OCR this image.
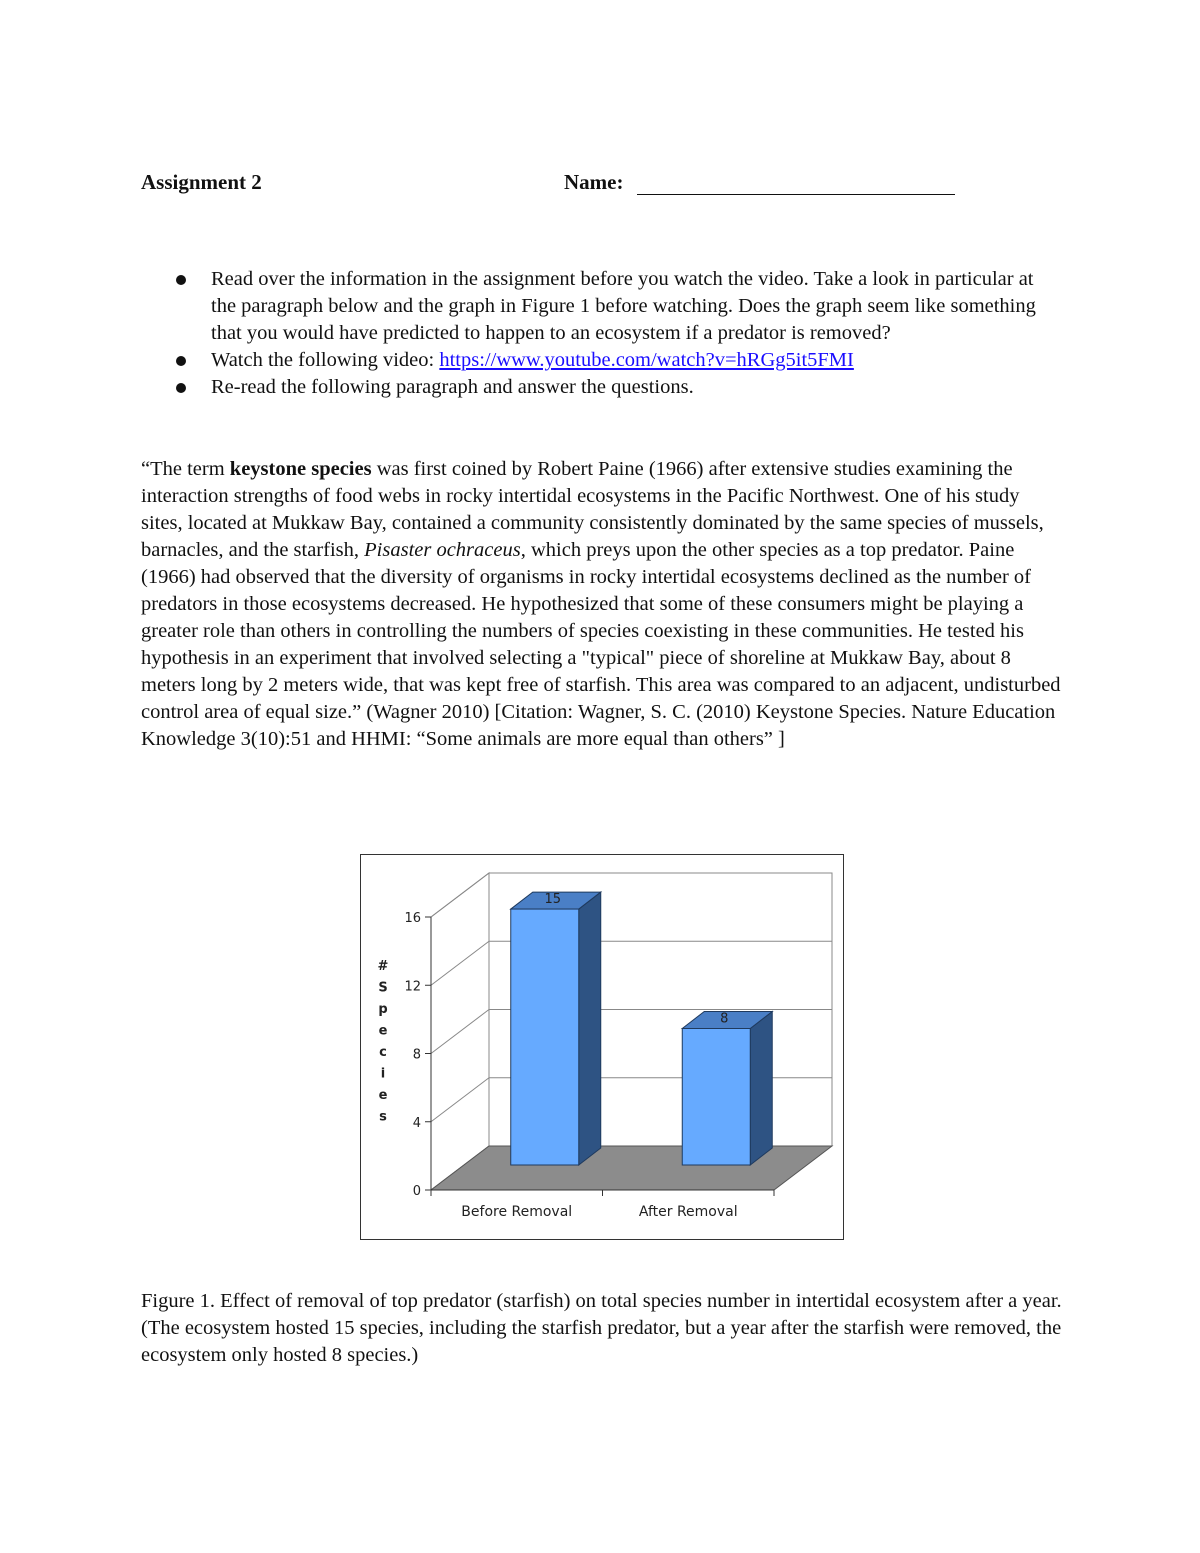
Assignment 2	Name:
Read over the information in the assignment before you watch the video. Take a look in particular at the paragraph below and the graph in Figure 1 before watching. Does the graph seem like something that you would have predicted to happen to an ecosystem if a predator is removed?
Watch the following video: https://www.youtube.com/watch?v=hRGg5it5FMI
Re-read the following paragraph and answer the questions.
“The term keystone species was first coined by Robert Paine (1966) after extensive studies examining the interaction strengths of food webs in rocky intertidal ecosystems in the Pacific Northwest. One of his study sites, located at Mukkaw Bay, contained a community consistently dominated by the same species of mussels, barnacles, and the starfish, Pisaster ochraceus, which preys upon the other species as a top predator. Paine (1966) had observed that the diversity of organisms in rocky intertidal ecosystems declined as the number of predators in those ecosystems decreased. He hypothesized that some of these consumers might be playing a greater role than others in controlling the numbers of species coexisting in these communities. He tested his hypothesis in an experiment that involved selecting a "typical" piece of shoreline at Mukkaw Bay, about 8 meters long by 2 meters wide, that was kept free of starfish. This area was compared to an adjacent, undisturbed control area of equal size.” (Wagner 2010) [Citation: Wagner, S. C. (2010) Keystone Species. Nature Education Knowledge 3(10):51 and HHMI: “Some animals are more equal than others” ]
0
4
8
12
16
15
Before Removal
8
After Removal
#
S
p
e
c
i
e
s
Figure 1. Effect of removal of top predator (starfish) on total species number in intertidal ecosystem after a year. (The ecosystem hosted 15 species, including the starfish predator, but a year after the starfish were removed, the ecosystem only hosted 8 species.)
